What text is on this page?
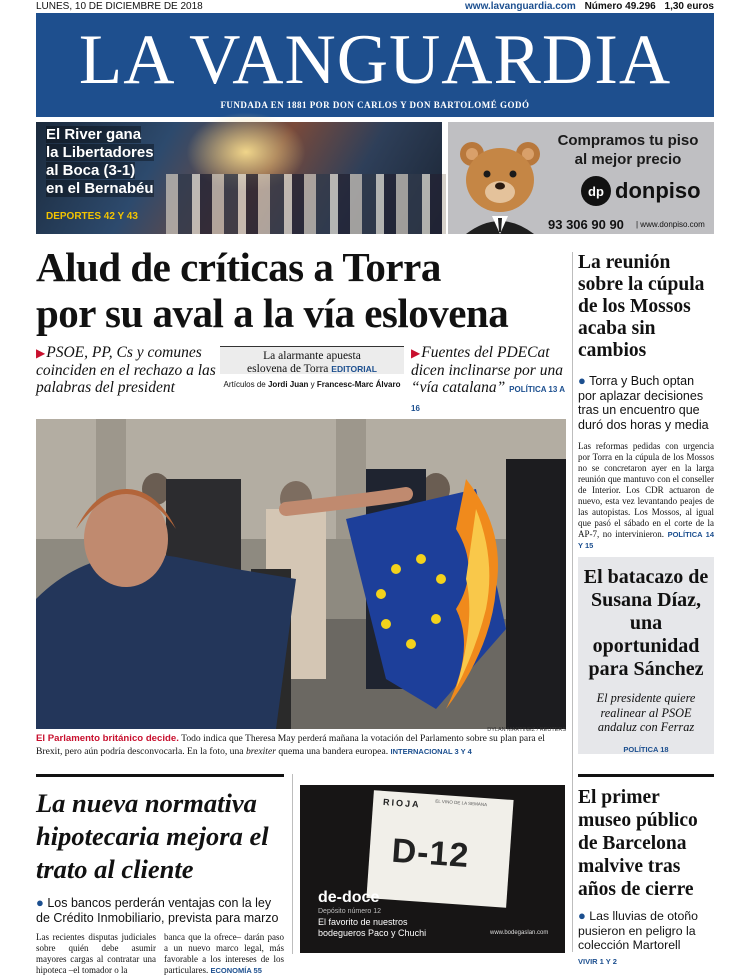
LUNES, 10 DE DICIEMBRE DE 2018	www.lavanguardia.com Número 49.296 1,30 euros
LA VANGUARDIA
FUNDADA EN 1881 POR DON CARLOS Y DON BARTOLOMÉ GODÓ
El River gana
la Libertadores
al Boca (3-1)
en el Bernabéu
DEPORTES 42 Y 43
Compramos tu piso
al mejor precio
dp donpiso
93 306 90 90 | www.donpiso.com
Alud de críticas a Torra
por su aval a la vía eslovena
▶PSOE, PP, Cs y comunes coinciden en el rechazo a las palabras del president
La alarmante apuesta
eslovena de Torra EDITORIAL
Artículos de Jordi Juan y Francesc-Marc Álvaro
▶Fuentes del PDECat dicen inclinarse por una “vía catalana” POLÍTICA 13 A 16
DYLAN MARTINEZ / REUTERS
El Parlamento británico decide. Todo indica que Theresa May perderá mañana la votación del Parlamento sobre su plan para el Brexit, pero aún podría desconvocarla. En la foto, una brexiter quema una bandera europea. INTERNACIONAL 3 Y 4
La reunión sobre la cúpula de los Mossos acaba sin cambios
● Torra y Buch optan por aplazar decisiones tras un encuentro que duró dos horas y media
Las reformas pedidas con urgencia por Torra en la cúpula de los Mossos no se concretaron ayer en la larga reunión que mantuvo con el conseller de Interior. Los CDR actuaron de nuevo, esta vez levantando peajes de las autopistas. Los Mossos, al igual que pasó el sábado en el corte de la AP-7, no intervinieron. POLÍTICA 14 Y 15
El batacazo de Susana Díaz, una oportunidad para Sánchez
El presidente quiere realinear al PSOE andaluz con Ferraz
POLÍTICA 18
El primer museo público de Barcelona malvive tras años de cierre
● Las lluvias de otoño pusieron en peligro la colección Martorell
VIVIR 1 Y 2
La nueva normativa hipotecaria mejora el trato al cliente
● Los bancos perderán ventajas con la ley de Crédito Inmobiliario, prevista para marzo
Las recientes disputas judiciales sobre quién debe asumir mayores cargas al contratar una hipoteca –el tomador o la
banca que la ofrece– darán paso a un nuevo marco legal, más favorable a los intereses de los particulares. ECONOMÍA 55
RIOJA	EL VINO DE LA SEMANA
D-12
de-doce
Depósito número 12
El favorito de nuestros bodegueros Paco y Chuchi	www.bodegaslan.com
